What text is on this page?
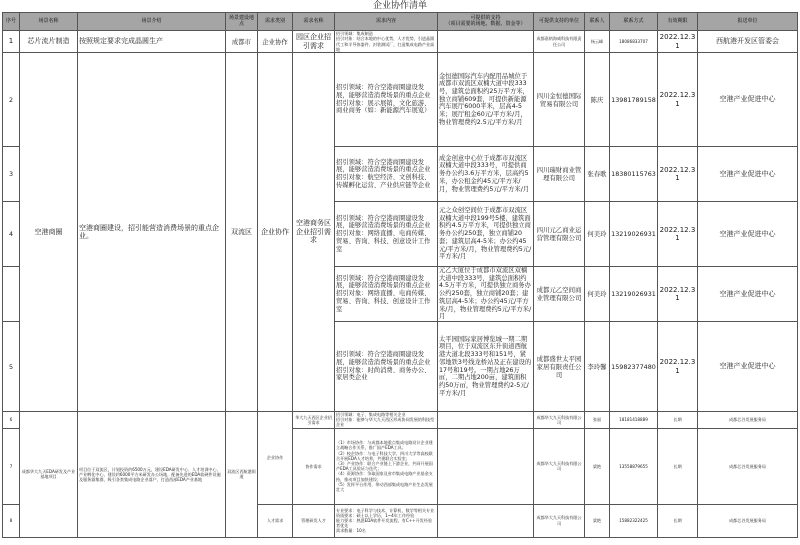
企业协作清单
序号	场景名称	场景介绍	场景建设地点	需求类别	需求名称	需求内容	可提供的支持
（项目需要的场地、数据、资金等）	可提供支持的单位	联系人	联系方式	有效期限	报送单位
1	芯片流片制造	按照规定要求完成晶圆生产	成都市	企业协作	园区企业招引需求	招引领域：集成制造
招引对象：结合本地的中心优势，人才优势，引进晶圆代工和半导体器件、封装测试厂，打造集成电路产业高地		成都嘉纳海威科技有限责任公司	杨云峰	18086833707	2022.12.31	西航港开发区管委会
2	空港商圈	空港商圈建设，招引能营造消费场景的重点企业。	双流区	企业协作	空港商务区企业招引需求	招引领域：符合空港商圈建设发展，能够营造消费场景的重点企业
招引对象：展示展销、文化旅游、商业商务（如：新能源汽车展览）	金恒德国际汽车内配用品城位于成都市双流区双楠大道中段333号，建筑总面积约25万平方米，独立商铺609套，可提供新能源汽车展厅6000平米，层高4-5米；展厅租金60元/平方米/月，物业管理费约2.5元/平方米/月	四川金恒德国际贸易有限公司	陈庆	13981789158	2022.12.31	空港产业促进中心
3						招引领域：符合空港商圈建设发展，能够营造消费场景的重点企业
招引对象：航空经济、文创科技、传媒孵化运营、产业供应链等企业	成金创意中心位于成都市双流区双楠大道中段333号，可提供商务办公约3.6万平方米，层高约5米，办公租金约45元/平方米/月，物业管理费约5元/平方米/月	四川瑞财商业管理有限公司	张春歌	18380115763	2022.12.31	空港产业促进中心
4						招引领域：符合空港商圈建设发展，能够营造消费场景的重点企业
招引对象：网络直播、电商传媒、贸易、咨询、科技、创意设计工作室	元之众创空间位于成都市双流区双楠大道中段199号5楼，建筑面积约4.5万平方米，可提供独立商务办公约250套，独立商铺20套；建筑层高4-5米；办公约45元/平方米/月，物业管理费约5元/平方米/月	四川元乙商业运营管理有限公司	何美玲	13219026931	2022.12.31	空港产业促进中心
						招引领域：符合空港商圈建设发展，能够营造消费场景的重点企业
招引对象：网络直播、电商传媒、贸易、咨询、科技、创意设计工作室	元乙大厦位于成都市双流区双楠大道中段333号，建筑总面积约4.5万平方米，可提供独立商务办公约250套，独立商铺20套；建筑层高4-5米；办公约45元/平方米/月，物业管理费约5元/平方米/月	成都元乙空间商业管理有限公司	何美玲	13219026931	2022.12.31	空港产业促进中心
5						招引领域：符合空港商圈建设发展，能够营造消费场景的重点企业
招引对象：时尚消费、商务办公、家居类企业	太平园国际家居博览城一期二期项目，位于双流区东升街道西航港大道北段333号和151号，紧邻地铁3号线龙桥站及正在建设的17号和19号。一期占地26万㎡，二期占地200亩，建筑面积约50万㎡，物业管理费约2-5元/平方米/月	成都盛世太平园家居有限责任公司	李玲馨	15982377480	2022.12.31	空港产业促进中心
6	成都华大九天EDA研发及产业基地项目	项目位于双流区，计划投资约6500万元，建设EDA研发中心、人才培训中心、产业孵化中心，建设约6000平方米研发办公场地，配备先进的EDA软硬件设施及服务器集群，吸引各类集成电路企业落户，打造西部EDA产业基地	双流区西航港街道	企业协作	华大九天西区企业招引需求	招引领域：电子、集成电路等相关企业
招引对象：能够与华大九天西区形成协同发展的科技型企业		成都华大九天科技有限公司	张丽	18181418889	长期	成都芯谷发展服务局
7					协作需求	（1）市场协作：与成都本地重点集成电路设计企业建立战略合作关系，推广国产EDA工具；
（2）校企协作：与电子科技大学、四川大学等高校联合开展EDA人才培养，共建联合实验室；
（3）产业协作：联合产业链上下游企业，共同开展国产EDA工具验证与迭代；
（4）资源协作：争取国家及省市集成电路产业基金支持，推动项目加快建设；
（5）发挥平台作用，带动西部集成电路产业生态发展壮大		成都华大九天科技有限公司	梁艳	13558879655	长期	成都芯谷发展服务局
8				人才需求	管理研发人才	专业要求：电子科学与技术、计算机、数学等相关专业
资质要求：硕士以上学历，1~4年工作经验
能力要求：熟悉EDA软件开发流程，有C++开发经验者优先
需求数量：10名		成都华大九天科技有限公司	梁艳	15882322425	长期	成都芯谷发展服务局
